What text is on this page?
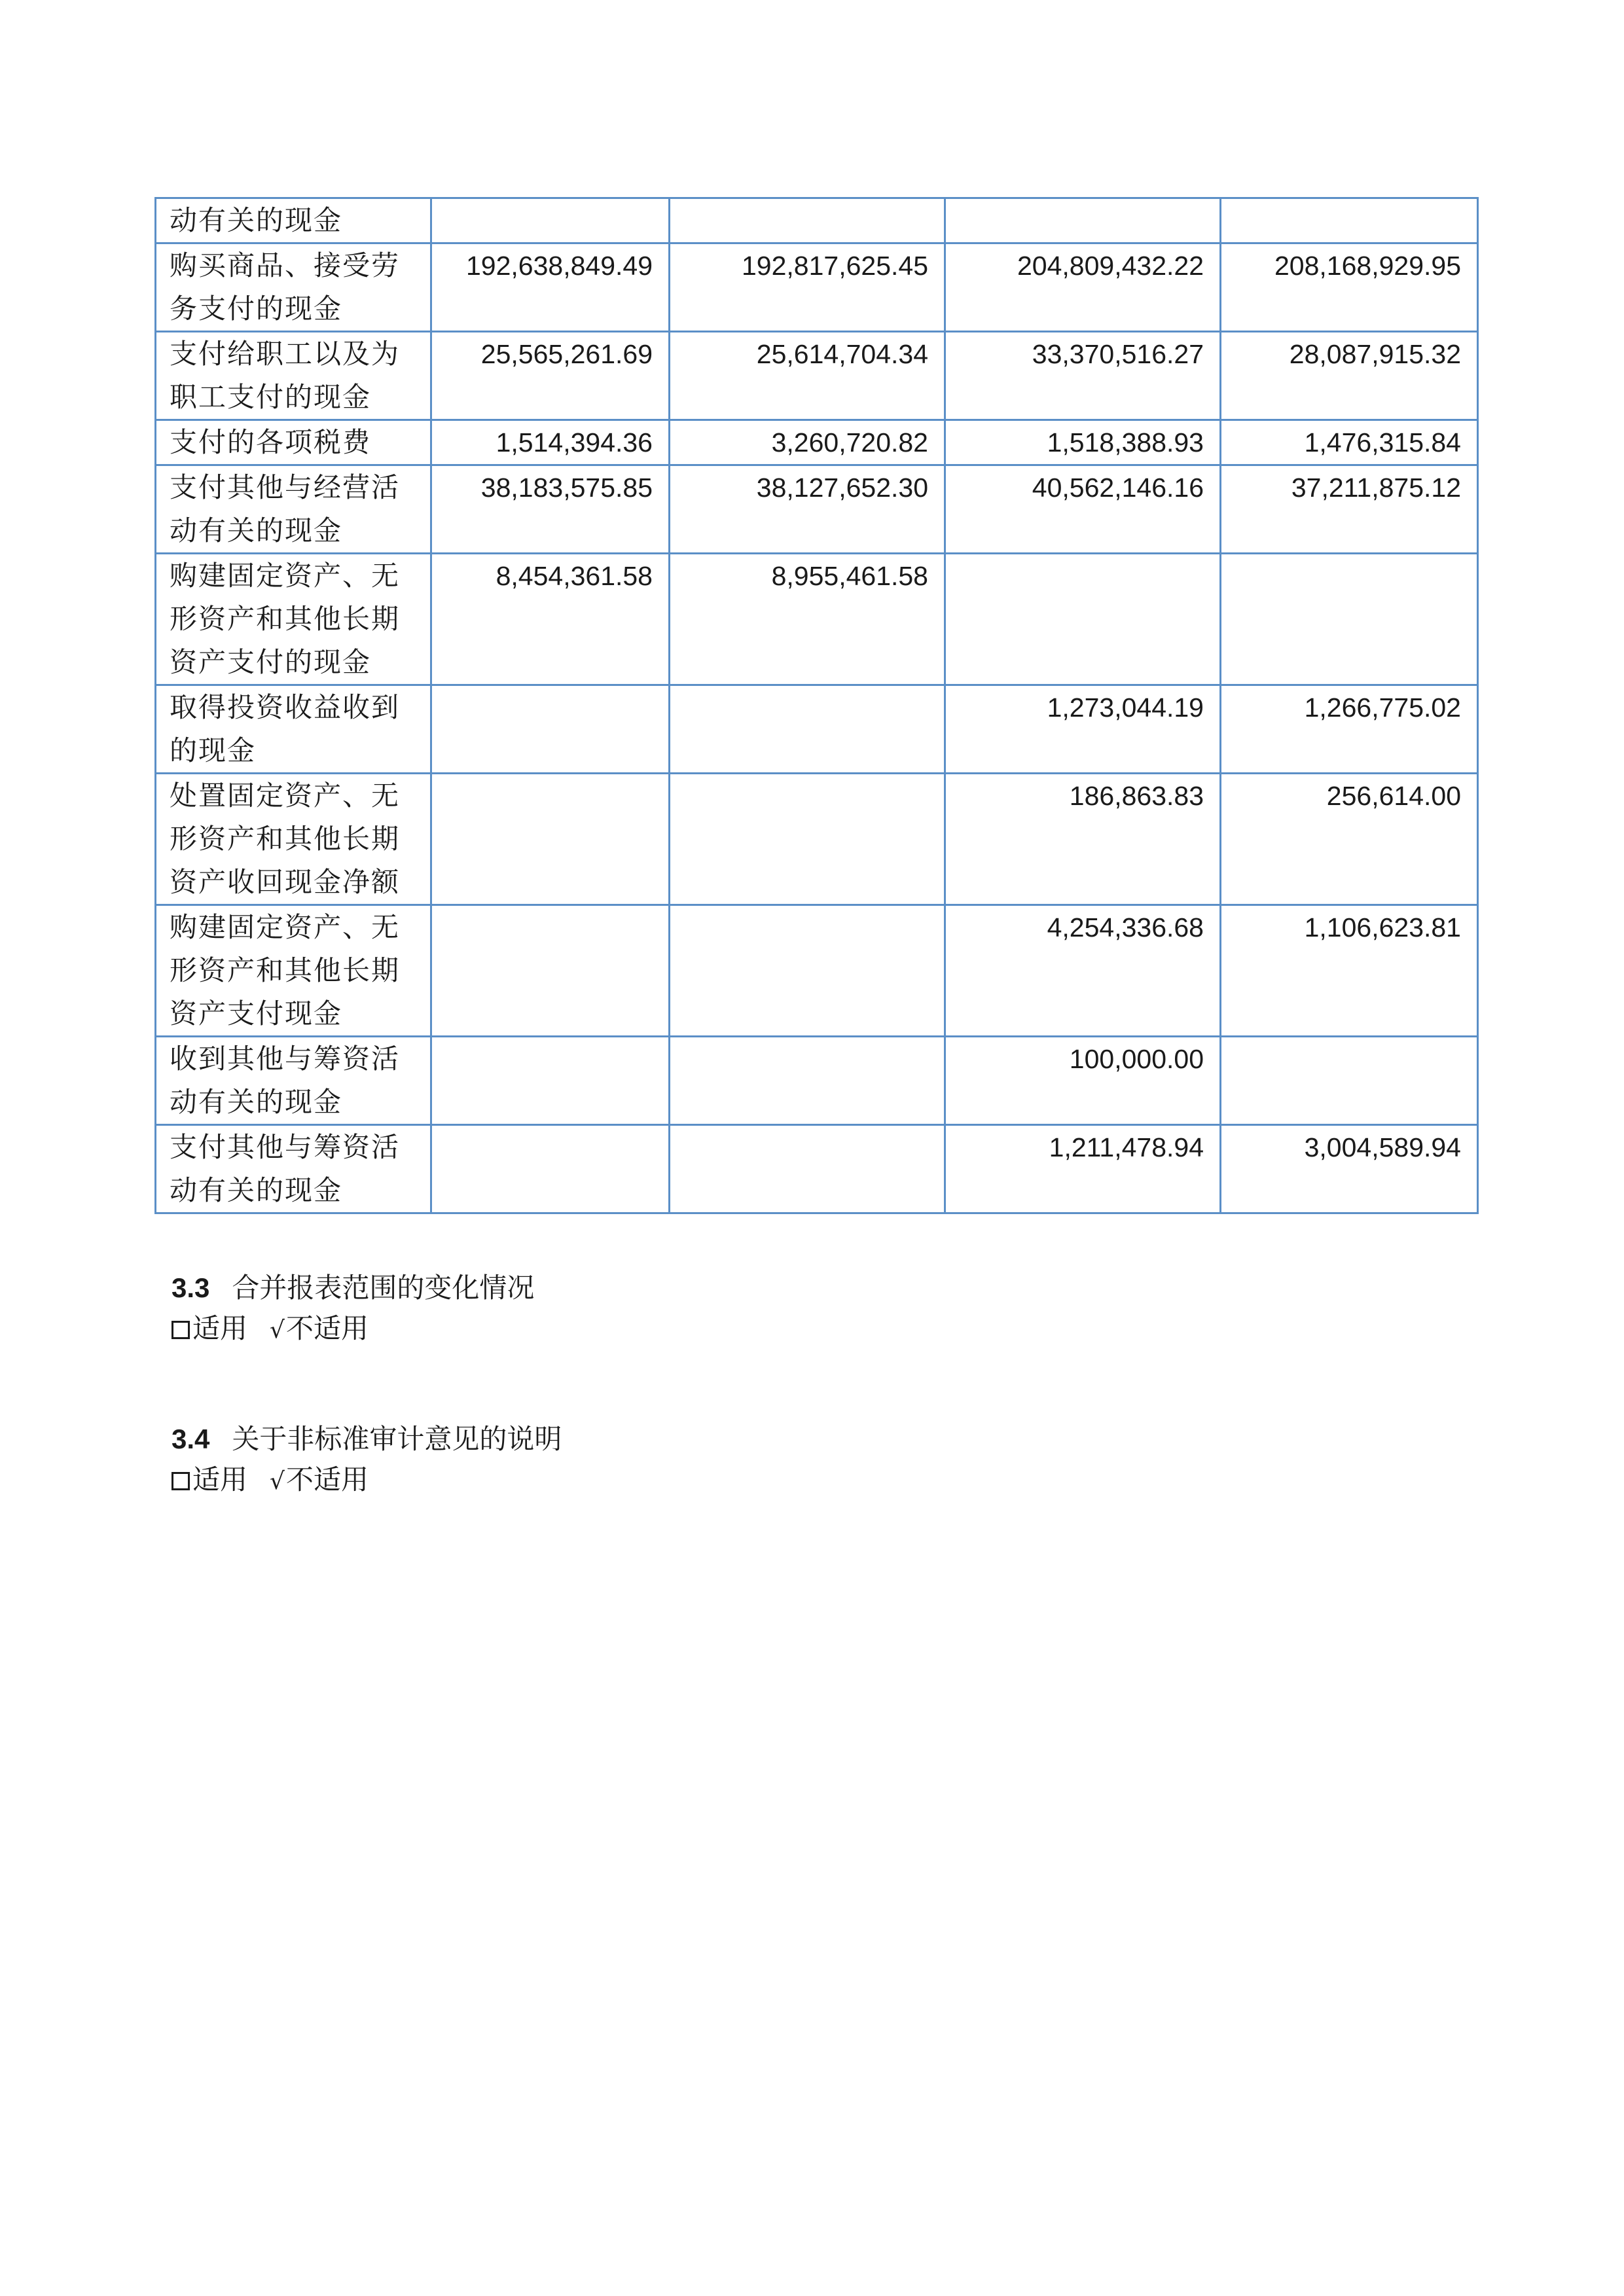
动有关的现金				
购买商品、接受劳务支付的现金	192,638,849.49	192,817,625.45	204,809,432.22	208,168,929.95
支付给职工以及为职工支付的现金	25,565,261.69	25,614,704.34	33,370,516.27	28,087,915.32
支付的各项税费	1,514,394.36	3,260,720.82	1,518,388.93	1,476,315.84
支付其他与经营活动有关的现金	38,183,575.85	38,127,652.30	40,562,146.16	37,211,875.12
购建固定资产、无形资产和其他长期资产支付的现金	8,454,361.58	8,955,461.58		
取得投资收益收到的现金			1,273,044.19	1,266,775.02
处置固定资产、无形资产和其他长期资产收回现金净额			186,863.83	256,614.00
购建固定资产、无形资产和其他长期资产支付现金			4,254,336.68	1,106,623.81
收到其他与筹资活动有关的现金			100,000.00	
支付其他与筹资活动有关的现金			1,211,478.94	3,004,589.94
3.3 合并报表范围的变化情况
适用 √不适用
3.4 关于非标准审计意见的说明
适用 √不适用
